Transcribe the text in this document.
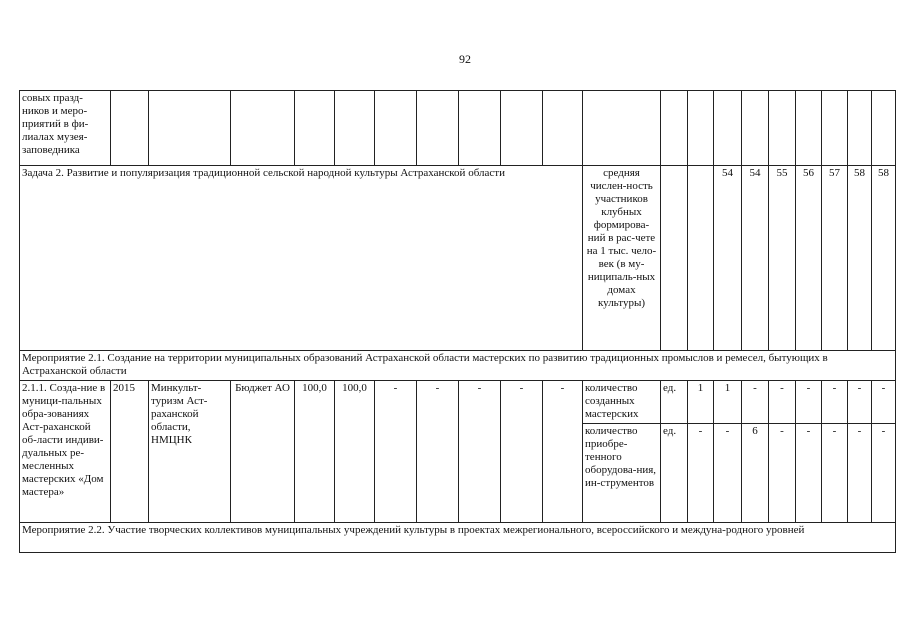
92
совых празд-ников и меро-приятий в фи-лиалах музея-заповедника																				
Задача 2. Развитие и популяризация традиционной сельской народной культуры Астраханской области											средняя числен-ность участников клубных формирова-ний в рас-чете на 1 тыс. чело-век (в му-ниципаль-ных домах культуры)			54	54	55	56	57	58	58
Мероприятие 2.1. Создание на территории муниципальных образований Астраханской области мастерских по развитию традиционных промыслов и ремесел, бытующих в Астраханской области																				
2.1.1. Созда-ние в муници-пальных обра-зованиях Аст-раханской об-ласти индиви-дуальных ре-месленных мастерских «Дом мастера»	2015	Минкульт-туризм Аст-раханской области, НМЦНК	Бюджет АО	100,0	100,0	-	-	-	-	-	количество созданных мастерских	ед.	1	1	-	-	-	-	-	-
											количество приобре-тенного оборудова-ния, ин-струментов	ед.	-	-	6	-	-	-	-	-
Мероприятие 2.2. Участие творческих коллективов муниципальных учреждений культуры в проектах межрегионального, всероссийского и междуна-родного уровней																				
